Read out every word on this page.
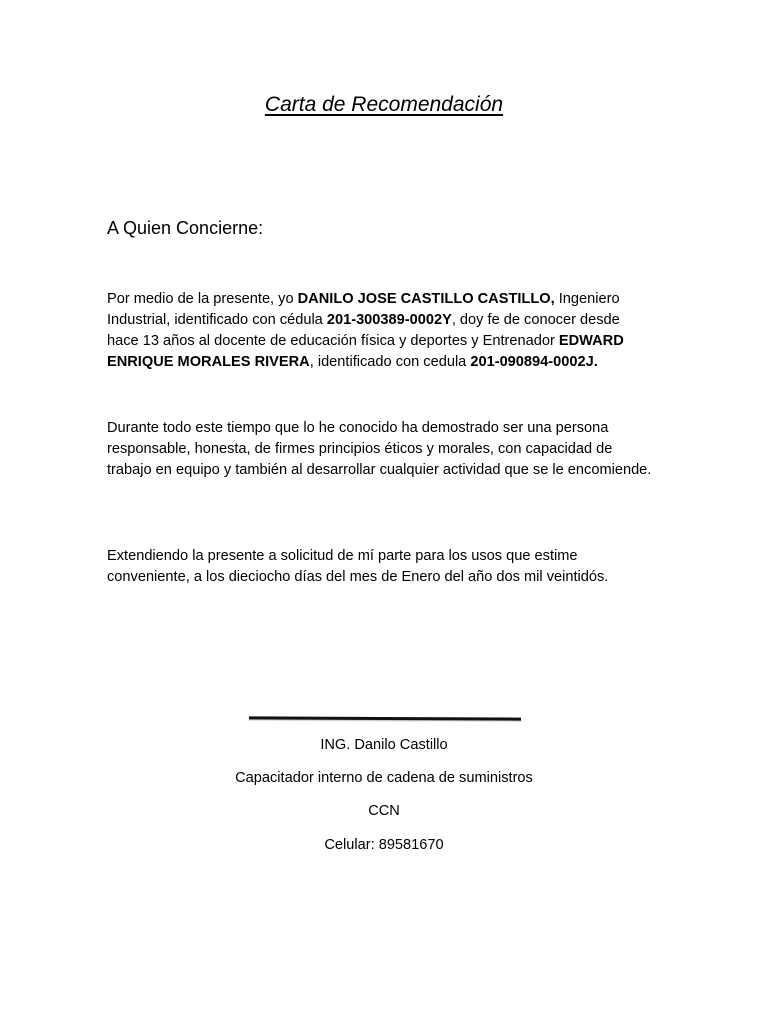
Carta de Recomendación
A Quien Concierne:

Por medio de la presente, yo DANILO JOSE CASTILLO CASTILLO, Ingeniero Industrial, identificado con cédula 201-300389-0002Y, doy fe de conocer desde hace 13 años al docente de educación física y deportes y Entrenador EDWARD ENRIQUE MORALES RIVERA, identificado con cedula 201-090894-0002J.

Durante todo este tiempo que lo he conocido ha demostrado ser una persona responsable, honesta, de firmes principios éticos y morales, con capacidad de trabajo en equipo y también al desarrollar cualquier actividad que se le encomiende.

Extendiendo la presente a solicitud de mí parte para los usos que estime conveniente, a los dieciocho días del mes de Enero del año dos mil veintidós.

ING. Danilo Castillo
Capacitador interno de cadena de suministros
CCN
Celular: 89581670
